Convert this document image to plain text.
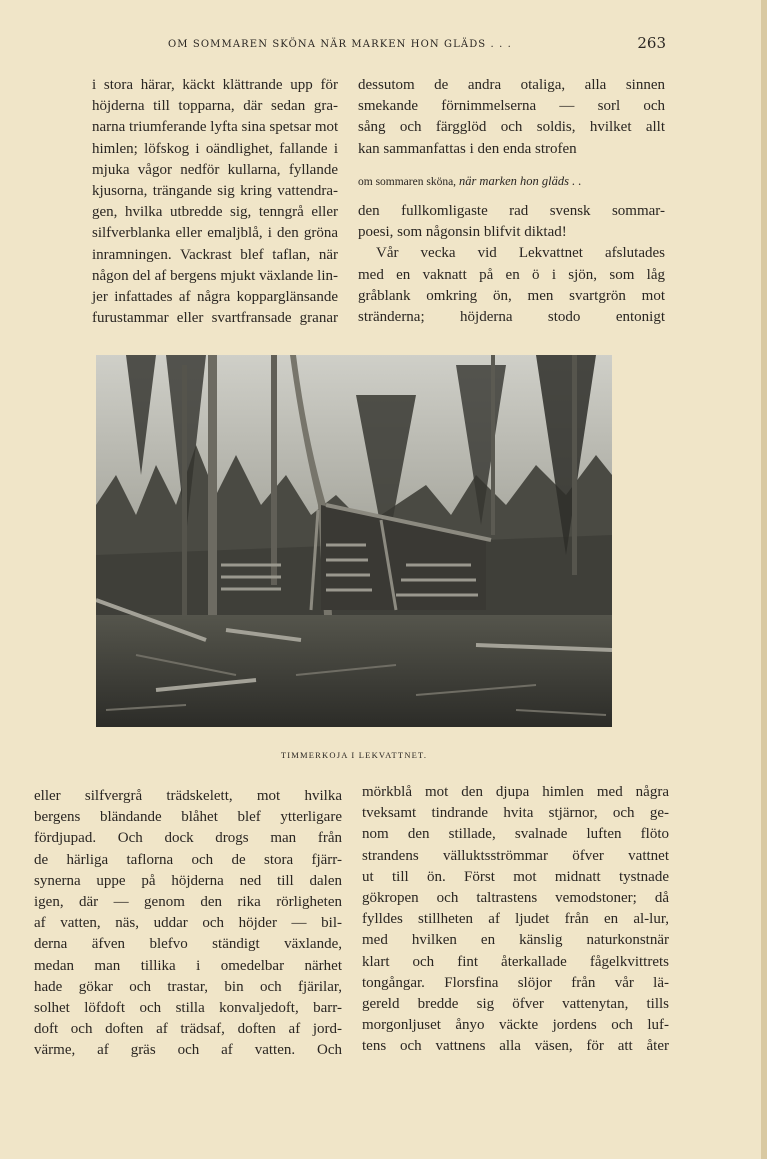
OM SOMMAREN SKÖNA NÄR MARKEN HON GLÄDS . . .	263
i stora härar, käckt klättrande upp för
höjderna till topparna, där sedan gra-
narna triumferande lyfta sina spetsar mot
himlen; löfskog i oändlighet, fallande i
mjuka vågor nedför kullarna, fyllande
kjusorna, trängande sig kring vattendra-
gen, hvilka utbredde sig, tenngrå eller
silfverblanka eller emaljblå, i den gröna
inramningen. Vackrast blef taflan, när
någon del af bergens mjukt växlande lin-
jer infattades af några kopparglänsande
furustammar eller svartfransade granar
dessutom de andra otaliga, alla sinnen
smekande förnimmelserna — sorl och
sång och färgglöd och soldis, hvilket allt
kan sammanfattas i den enda strofen
om sommaren sköna, när marken hon gläds . .
den fullkomligaste rad svensk sommar-
poesi, som någonsin blifvit diktad!
Vår vecka vid Lekvattnet afslutades
med en vaknatt på en ö i sjön, som låg
gråblank omkring ön, men svartgrön mot
stränderna; höjderna stodo entonigt
TIMMERKOJA I LEKVATTNET.
eller silfvergrå trädskelett, mot hvilka
bergens bländande blåhet blef ytterligare
fördjupad. Och dock drogs man från
de härliga taflorna och de stora fjärr-
synerna uppe på höjderna ned till dalen
igen, där — genom den rika rörligheten
af vatten, näs, uddar och höjder — bil-
derna äfven blefvo ständigt växlande,
medan man tillika i omedelbar närhet
hade gökar och trastar, bin och fjärilar,
solhet löfdoft och stilla konvaljedoft, barr-
doft och doften af trädsaf, doften af jord-
värme, af gräs och af vatten. Och
mörkblå mot den djupa himlen med några
tveksamt tindrande hvita stjärnor, och ge-
nom den stillade, svalnade luften flöto
strandens välluktsströmmar öfver vattnet
ut till ön. Först mot midnatt tystnade
gökropen och taltrastens vemodstoner; då
fylldes stillheten af ljudet från en al-lur,
med hvilken en känslig naturkonstnär
klart och fint återkallade fågelkvittrets
tongångar. Florsfina slöjor från vår lä-
gereld bredde sig öfver vattenytan, tills
morgonljuset ånyo väckte jordens och luf-
tens och vattnens alla väsen, för att åter
